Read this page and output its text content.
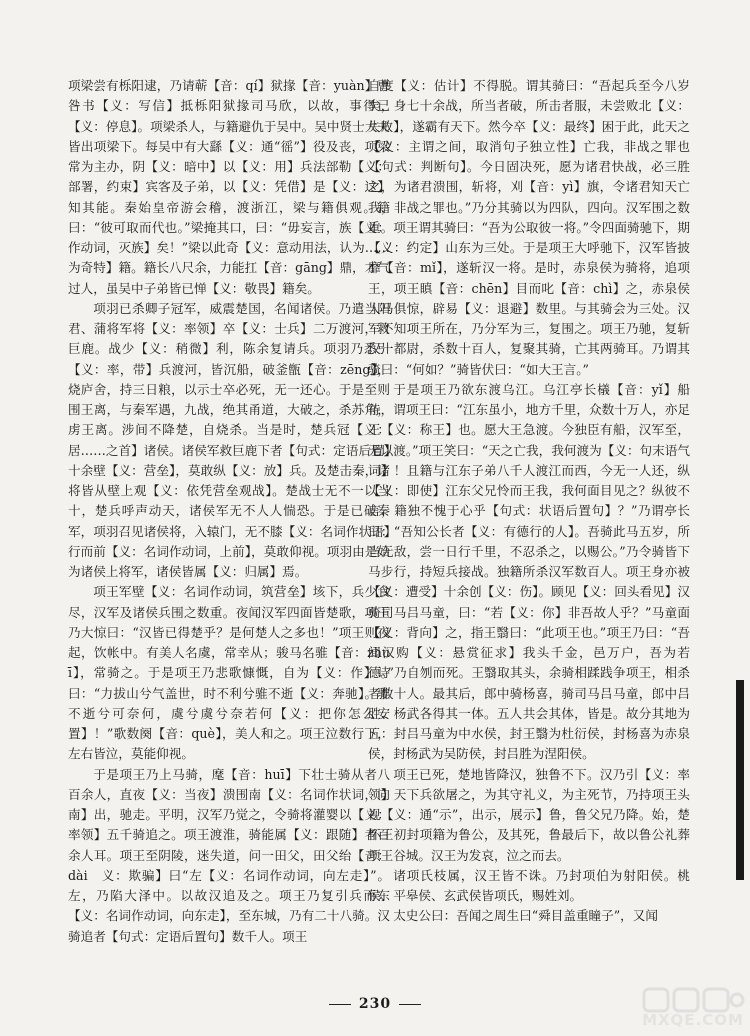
项梁尝有栎阳逮，乃请蕲【音：qí】狱掾【音：yuàn】曹咎书【义：写信】抵栎阳狱掾司马欣，以故，事得已【义：停息】。项梁杀人，与籍避仇于吴中。吴中贤士大夫皆出项梁下。每吴中有大繇【义：通“徭”】役及丧，项梁常为主办，阴【义：暗中】以【义：用】兵法部勒【义：部署，约束】宾客及子弟，以【义：凭借】是【义：这】知其能。秦始皇帝游会稽，渡浙江，梁与籍俱观。籍曰：“彼可取而代也。”梁掩其口，曰：“毋妄言，族【义：作动词，灭族】矣！”梁以此奇【义：意动用法，认为……为奇特】籍。籍长八尺余，力能扛【音：gāng】鼎，才气过人，虽吴中子弟皆已惮【义：敬畏】籍矣。

项羽已杀卿子冠军，威震楚国，名闻诸侯。乃遣当阳君、蒲将军将【义：率领】卒【义：士兵】二万渡河，救巨鹿。战少【义：稍微】利，陈余复请兵。项羽乃悉引【义：率，带】兵渡河，皆沉船，破釜甑【音：zēng】，烧庐舍，持三日粮，以示士卒必死，无一还心。于是至则围王离，与秦军遇，九战，绝其甬道，大破之，杀苏角，虏王离。涉间不降楚，自烧杀。当是时，楚兵冠【义：居……之首】诸侯。诸侯军救巨鹿下者【句式：定语后置】十余壁【义：营垒】，莫敢纵【义：放】兵。及楚击秦，诸将皆从壁上观【义：依凭营垒观战】。楚战士无不一以当十，楚兵呼声动天，诸侯军无不人人惴恐。于是已破秦军，项羽召见诸侯将，入辕门，无不膝【义：名词作状语】行而前【义：名词作动词，上前】，莫敢仰视。项羽由是始为诸侯上将军，诸侯皆属【义：归属】焉。

项王军壁【义：名词作动词，筑营垒】垓下，兵少食尽，汉军及诸侯兵围之数重。夜闻汉军四面皆楚歌，项王乃大惊曰：“汉皆已得楚乎？是何楚人之多也！”项王则夜起，饮帐中。有美人名虞，常幸从；骏马名骓【音：zhuī】，常骑之。于是项王乃悲歌慷慨，自为【义：作】诗曰：“力拔山兮气盖世，时不利兮骓不逝【义：奔驰】。骓不逝兮可奈何，虞兮虞兮奈若何【义：把你怎么安置】！”歌数阕【音：què】，美人和之。项王泣数行下，左右皆泣，莫能仰视。

于是项王乃上马骑，麾【音：huī】下壮士骑从者八百余人，直夜【义：当夜】溃围南【义：名词作状词，向南】出，驰走。平明，汉军乃觉之，令骑将灌婴以【义：率领】五千骑追之。项王渡淮，骑能属【义：跟随】者百余人耳。项王至阴陵，迷失道，问一田父，田父绐【音：dài　义：欺骗】曰“左【义：名词作动词，向左走】”。左，乃陷大泽中。以故汉追及之。项王乃复引兵而东【义：名词作动词，向东走】，至东城，乃有二十八骑。汉骑追者【句式：定语后置句】数千人。项王

自度【义：估计】不得脱。谓其骑曰：“吾起兵至今八岁矣，身七十余战，所当者破，所击者服，未尝败北【义：失败】，遂霸有天下。然今卒【义：最终】困于此，此天之【义：主谓之间，取消句子独立性】亡我，非战之罪也【句式：判断句】。今日固决死，愿为诸君快战，必三胜之，为诸君溃围，斩将，刈【音：yì】旗，令诸君知天亡我，非战之罪也。”乃分其骑以为四队，四向。汉军围之数重。项王谓其骑曰：“吾为公取彼一将。”令四面骑驰下，期【义：约定】山东为三处。于是项王大呼驰下，汉军皆披靡【音：mǐ】，遂斩汉一将。是时，赤泉侯为骑将，追项王，项王瞋【音：chēn】目而叱【音：chì】之，赤泉侯人马俱惊，辟易【义：退避】数里。与其骑会为三处。汉军不知项王所在，乃分军为三，复围之。项王乃驰，复斩汉一都尉，杀数十百人，复聚其骑，亡其两骑耳。乃谓其骑曰：“何如？”骑皆伏曰：“如大王言。”

于是项王乃欲东渡乌江。乌江亭长檥【音：yǐ】船待，谓项王曰：“江东虽小，地方千里，众数十万人，亦足王【义：称王】也。愿大王急渡。今独臣有船，汉军至，无以渡。”项王笑曰：“天之亡我，我何渡为【义：句末语气词】！且籍与江东子弟八千人渡江而西，今无一人还，纵【义：即使】江东父兄怜而王我，我何面目见之？纵彼不言，籍独不愧于心乎【句式：状语后置句】？”乃谓亭长曰：“吾知公长者【义：有德行的人】。吾骑此马五岁，所当无敌，尝一日行千里，不忍杀之，以赐公。”乃令骑皆下马步行，持短兵接战。独籍所杀汉军数百人。项王身亦被【义：遭受】十余创【义：伤】。顾见【义：回头看见】汉骑司马吕马童，曰：“若【义：你】非吾故人乎？”马童面【义：背向】之，指王翳曰：“此项王也。”项王乃曰：“吾闻汉购【义：悬赏征求】我头千金，邑万户，吾为若德。”乃自刎而死。王翳取其头，余骑相蹂践争项王，相杀者数十人。最其后，郎中骑杨喜，骑司马吕马童，郎中吕胜、杨武各得其一体。五人共会其体，皆是。故分其地为五：封吕马童为中水侯，封王翳为杜衍侯，封杨喜为赤泉侯，封杨武为吴防侯，封吕胜为涅阳侯。

项王已死，楚地皆降汉，独鲁不下。汉乃引【义：率领】天下兵欲屠之，为其守礼义，为主死节，乃持项王头视【义：通“示”，出示，展示】鲁，鲁父兄乃降。始，楚怀王初封项籍为鲁公，及其死，鲁最后下，故以鲁公礼葬项王谷城。汉王为发哀，泣之而去。

诸项氏枝属，汉王皆不诛。乃封项伯为射阳侯。桃侯、平皋侯、玄武侯皆项氏，赐姓刘。

太史公曰：吾闻之周生曰“舜目盖重瞳子”，又闻

230
MXQE.COM
